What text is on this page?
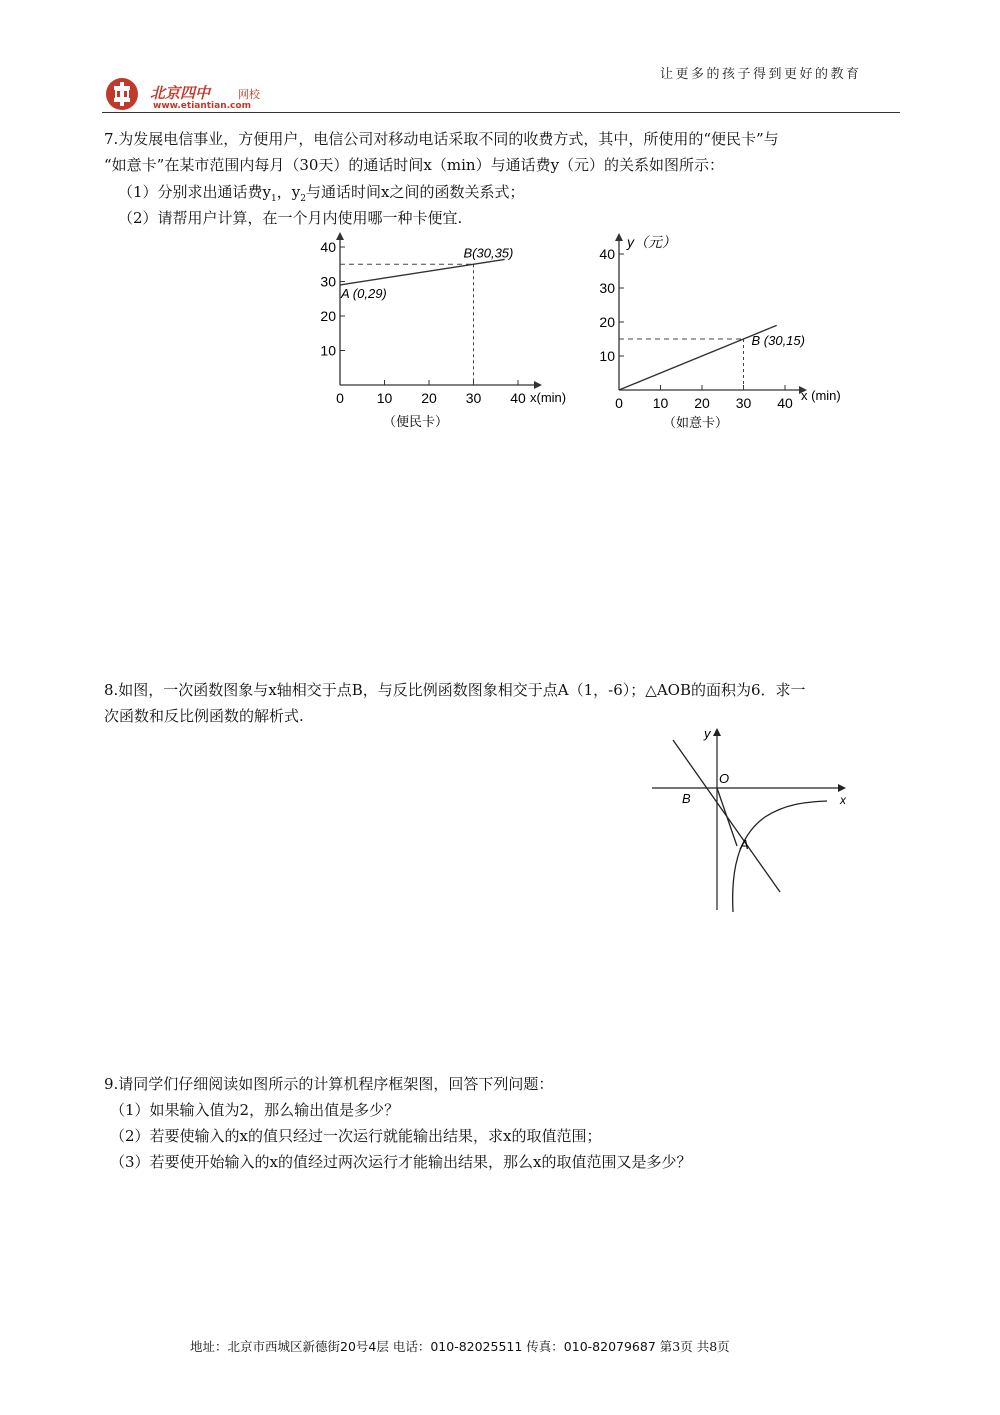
北京四中	网校
www.etiantian.com
让更多的孩子得到更好的教育
7.为发展电信事业，方便用户，电信公司对移动电话采取不同的收费方式，其中，所使用的“便民卡”与
“如意卡”在某市范围内每月（30天）的通话时间x（min）与通话费y（元）的关系如图所示：
（1）分别求出通话费$y_1$，$y_2$与通话时间x之间的函数关系式；
（2）请帮用户计算，在一个月内使用哪一种卡便宜.
0 10 20 30 40
10
20
30
40
A (0,29)
B(30,35)
x(min)
（便民卡）
0 10 20 30 40
10
20
30
40
B (30,15)
y（元）
x (min)
（如意卡）
8.如图，一次函数图象与x轴相交于点B，与反比例函数图象相交于点A（1，-6）；△AOB的面积为6．求一
次函数和反比例函数的解析式.
y
x
O
B
A
9.请同学们仔细阅读如图所示的计算机程序框架图，回答下列问题：
（1）如果输入值为2，那么输出值是多少？
（2）若要使输入的x的值只经过一次运行就能输出结果，求x的取值范围；
（3）若要使开始输入的x的值经过两次运行才能输出结果，那么x的取值范围又是多少？
地址：北京市西城区新德街20号4层 电话：010-82025511 传真：010-82079687 第3页 共8页
